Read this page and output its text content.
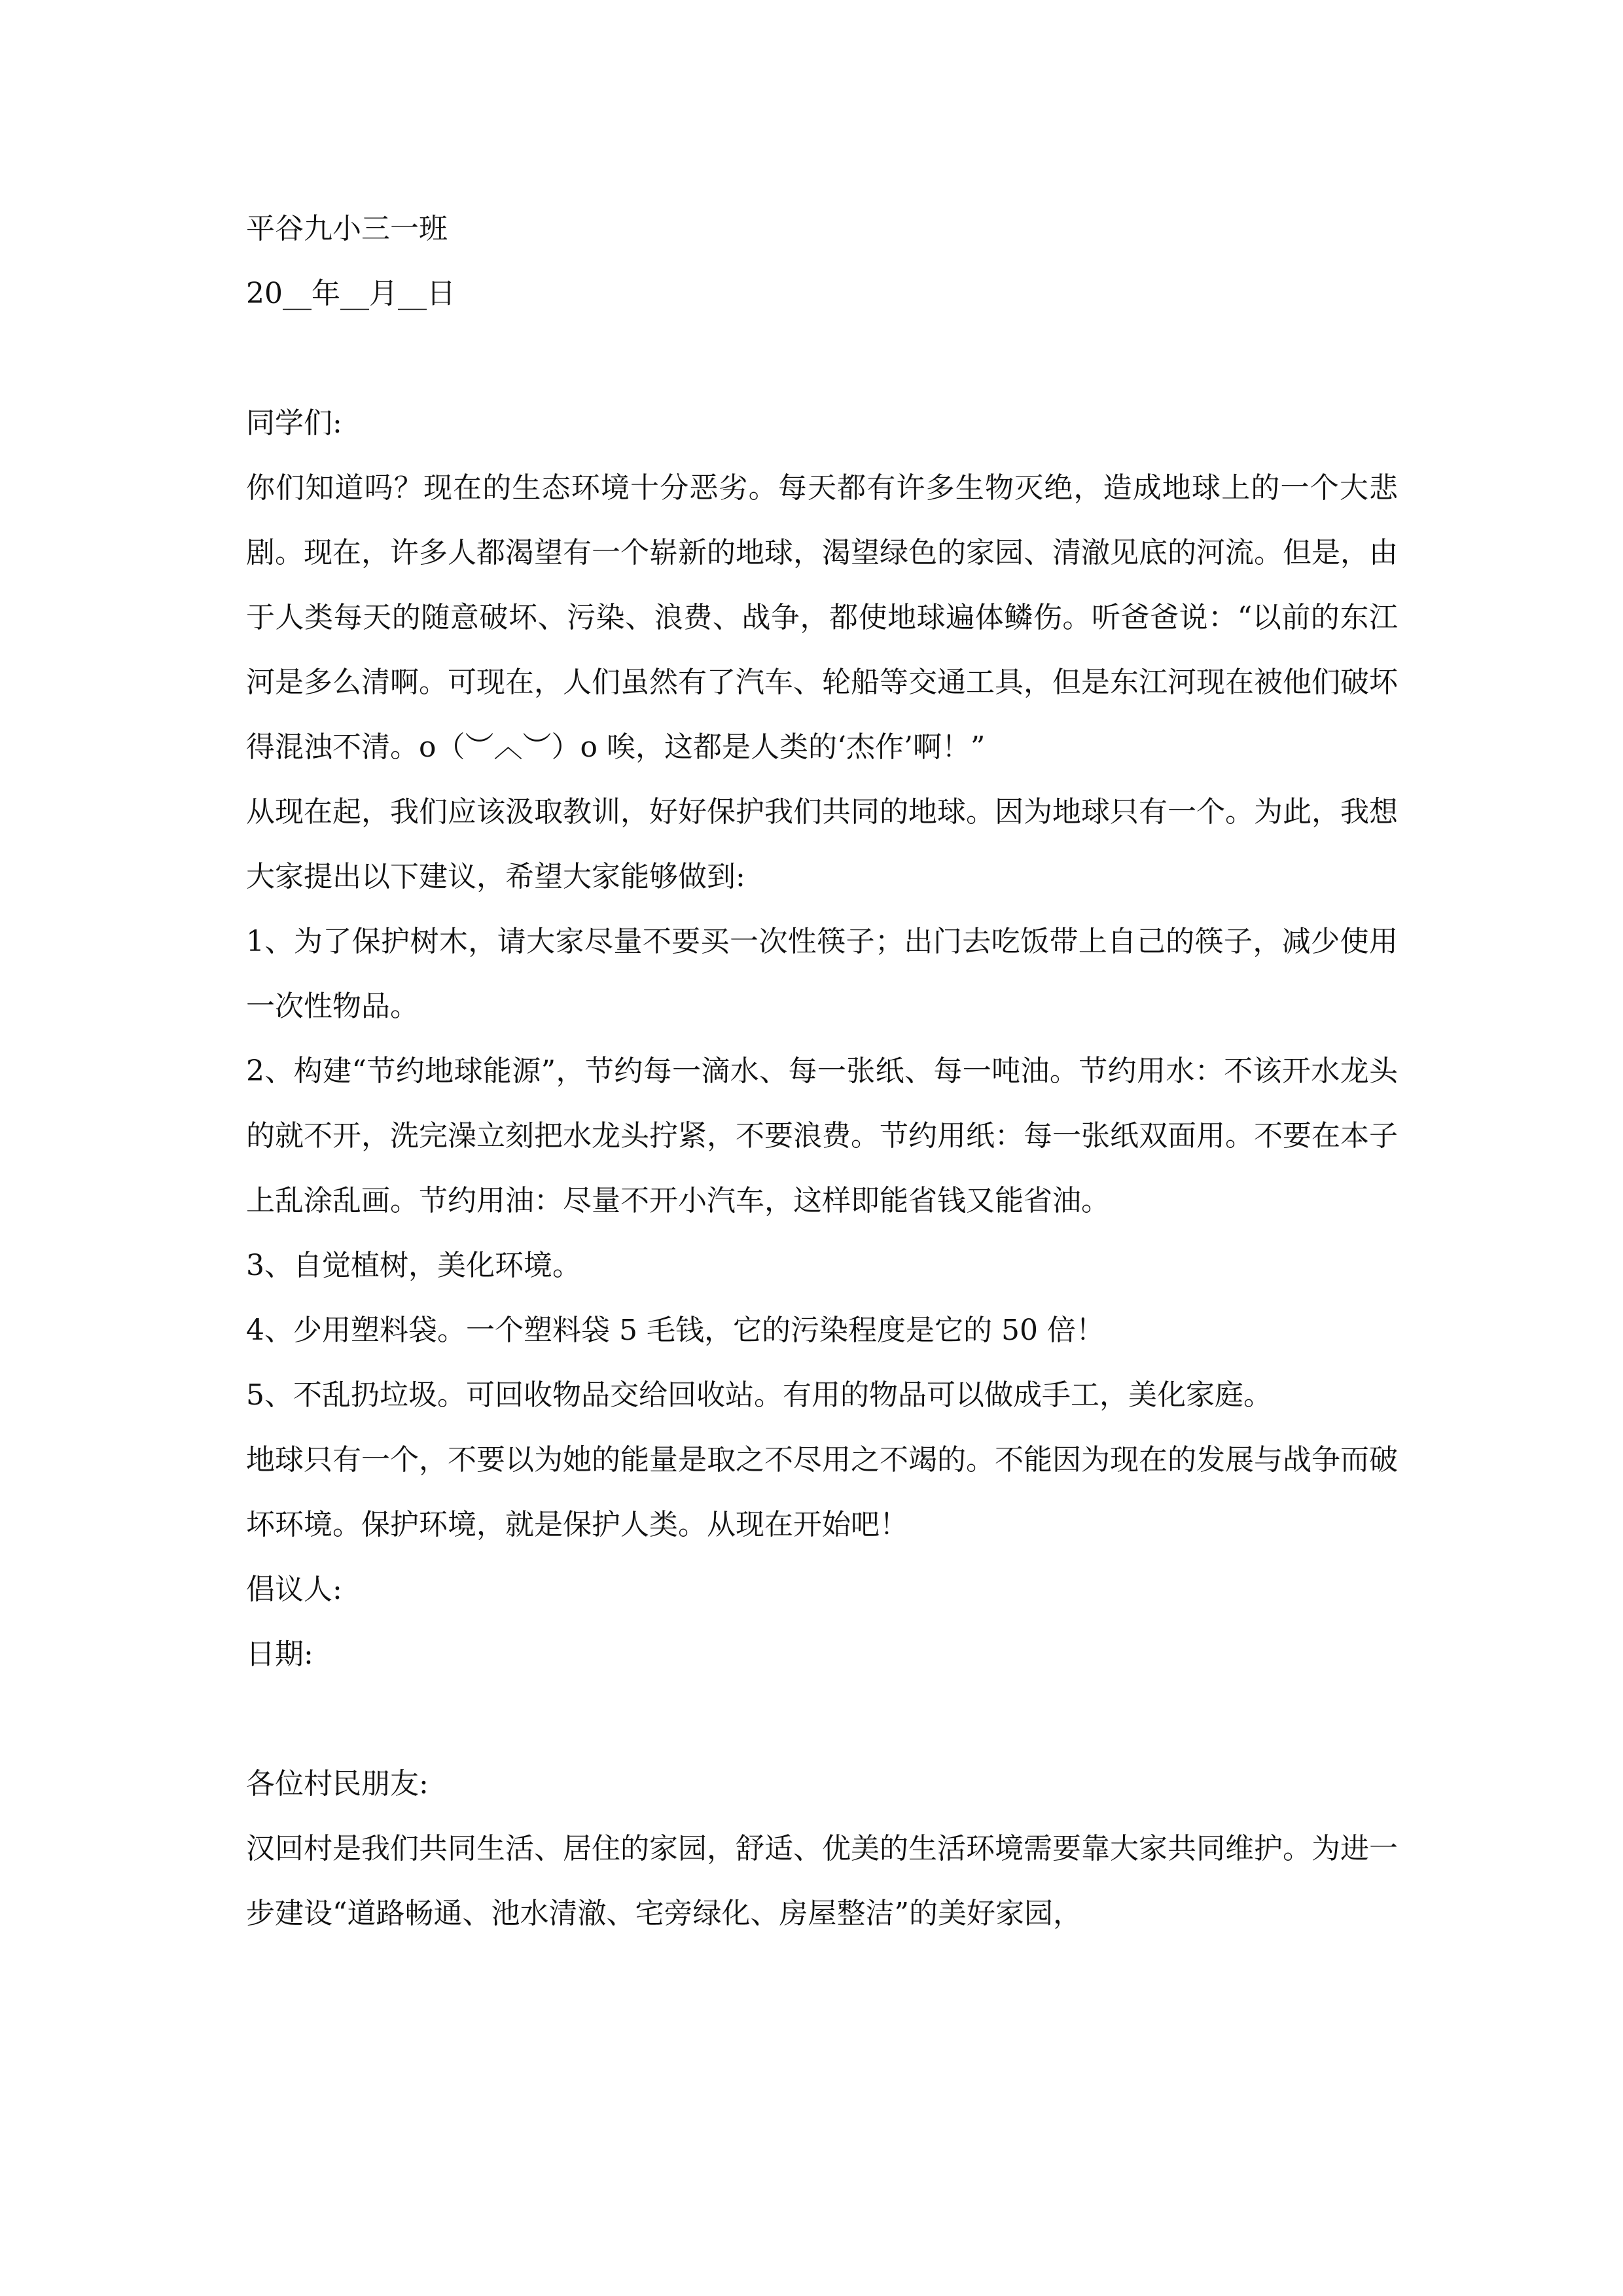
平谷九小三一班
20__年__月__日
同学们:
你们知道吗？现在的生态环境十分恶劣。每天都有许多生物灭绝，造成地球上的一个大悲剧。现在，许多人都渴望有一个崭新的地球，渴望绿色的家园、清澈见底的河流。但是，由于人类每天的随意破坏、污染、浪费、战争，都使地球遍体鳞伤。听爸爸说：“以前的东江河是多么清啊。可现在，人们虽然有了汽车、轮船等交通工具，但是东江河现在被他们破坏得混浊不清。o（︶︿︶）o 唉，这都是人类的‘杰作’啊！”
从现在起，我们应该汲取教训，好好保护我们共同的地球。因为地球只有一个。为此，我想大家提出以下建议，希望大家能够做到:
1、为了保护树木，请大家尽量不要买一次性筷子；出门去吃饭带上自己的筷子，减少使用一次性物品。
2、构建“节约地球能源”，节约每一滴水、每一张纸、每一吨油。节约用水：不该开水龙头的就不开，洗完澡立刻把水龙头拧紧，不要浪费。节约用纸：每一张纸双面用。不要在本子上乱涂乱画。节约用油：尽量不开小汽车，这样即能省钱又能省油。
3、自觉植树，美化环境。
4、少用塑料袋。一个塑料袋 5 毛钱，它的污染程度是它的 50 倍！
5、不乱扔垃圾。可回收物品交给回收站。有用的物品可以做成手工，美化家庭。
地球只有一个，不要以为她的能量是取之不尽用之不竭的。不能因为现在的发展与战争而破坏环境。保护环境，就是保护人类。从现在开始吧！
倡议人:
日期:
各位村民朋友:
汉回村是我们共同生活、居住的家园，舒适、优美的生活环境需要靠大家共同维护。为进一步建设“道路畅通、池水清澈、宅旁绿化、房屋整洁”的美好家园，
